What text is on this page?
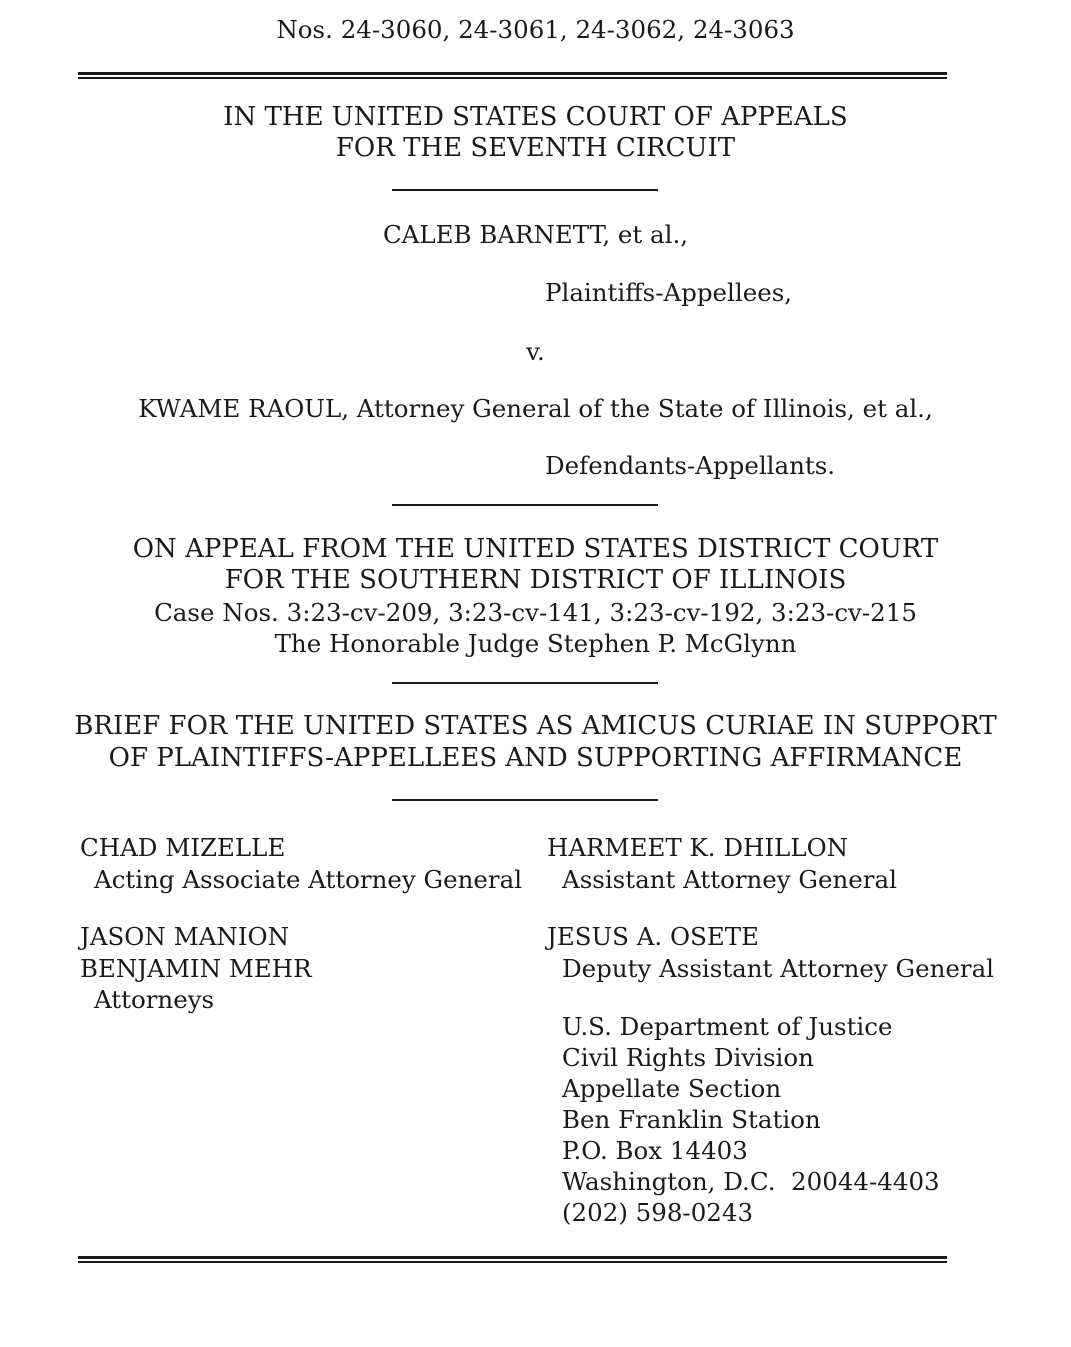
Nos. 24-3060, 24-3061, 24-3062, 24-3063
IN THE UNITED STATES COURT OF APPEALS
FOR THE SEVENTH CIRCUIT
CALEB BARNETT, et al.,
Plaintiffs-Appellees,
v.
KWAME RAOUL, Attorney General of the State of Illinois, et al.,
Defendants-Appellants.
ON APPEAL FROM THE UNITED STATES DISTRICT COURT
FOR THE SOUTHERN DISTRICT OF ILLINOIS
Case Nos. 3:23-cv-209, 3:23-cv-141, 3:23-cv-192, 3:23-cv-215
The Honorable Judge Stephen P. McGlynn
BRIEF FOR THE UNITED STATES AS AMICUS CURIAE IN SUPPORT
OF PLAINTIFFS-APPELLEES AND SUPPORTING AFFIRMANCE
CHAD MIZELLE
Acting Associate Attorney General
JASON MANION
BENJAMIN MEHR
Attorneys
HARMEET K. DHILLON
Assistant Attorney General
JESUS A. OSETE
Deputy Assistant Attorney General
U.S. Department of Justice
Civil Rights Division
Appellate Section
Ben Franklin Station
P.O. Box 14403
Washington, D.C.  20044-4403
(202) 598-0243
